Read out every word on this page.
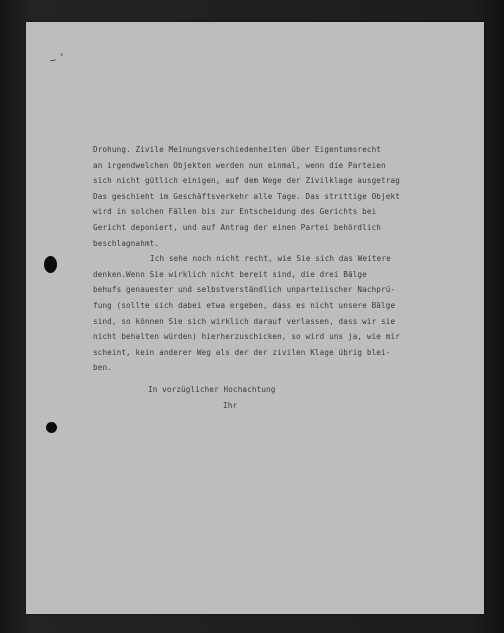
~ '
Drohung. Zivile Meinungsverschiedenheiten über Eigentumsrecht
an irgendwelchen Objekten werden nun einmal, wenn die Parteien
sich nicht gütlich einigen, auf dem Wege der Zivilklage ausgetrag
Das geschieht im Geschäftsverkehr alle Tage. Das strittige Objekt
wird in solchen Fällen bis zur Entscheidung des Gerichts bei
Gericht deponiert, und auf Antrag der einen Partei behördlich
beschlagnahmt.
Ich sehe noch nicht recht, wie Sie sich das Weitere
denken.Wenn Sie wirklich nicht bereit sind, die drei Bälge
behufs genauester und selbstverständlich unparteiischer Nachprü-
fung (sollte sich dabei etwa ergeben, dass es nicht unsere Bälge
sind, so können Sie sich wirklich darauf verlassen, dass wir sie
nicht behalten würden) hierherzuschicken, so wird uns ja, wie mir
scheint, kein anderer Weg als der der zivilen Klage übrig blei-
ben.
In vorzüglicher Hochachtung
Ihr
